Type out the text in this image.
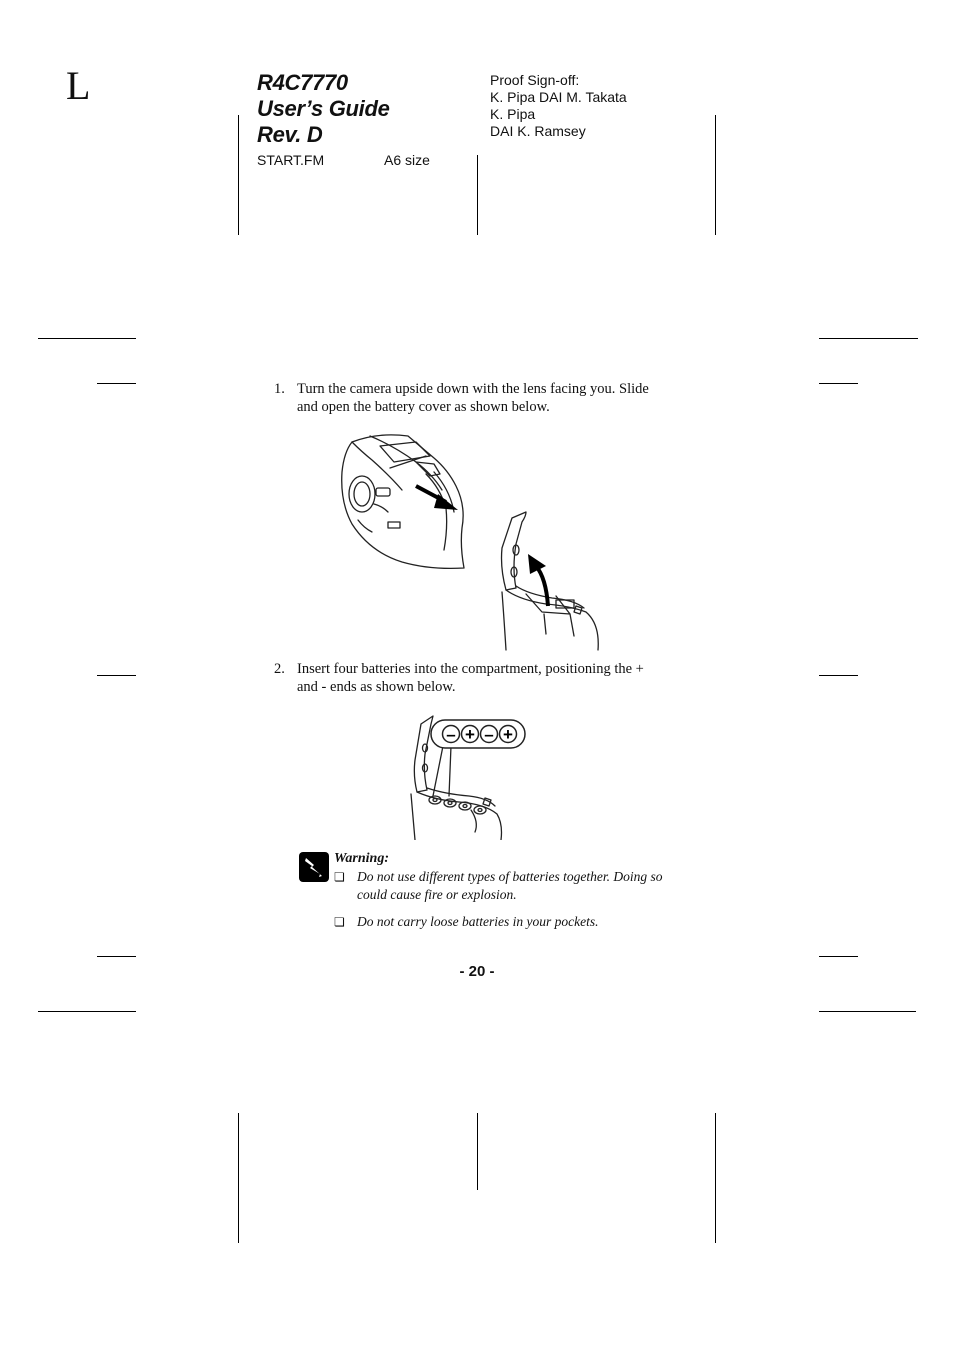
L	R4C7770
User’s Guide
Rev. D
START.FM	A6 size
Proof Sign-off:
K. Pipa DAI M. Takata
K. Pipa
DAI K. Ramsey
1. Turn the camera upside down with the lens facing you. Slide and open the battery cover as shown below.
2. Insert four batteries into the compartment, positioning the + and - ends as shown below.
– + – +
Warning:
❏ Do not use different types of batteries together. Doing so could cause fire or explosion.
❏ Do not carry loose batteries in your pockets.
- 20 -
